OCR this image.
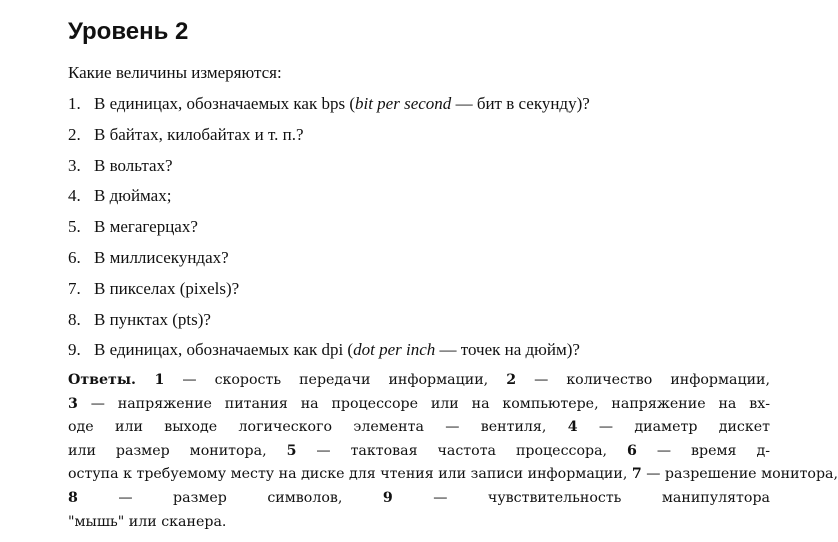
Уровень 2

Какие величины измеряются:

1. В единицах, обозначаемых как bps (bit per second — бит в секунду)?
2. В байтах, килобайтах и т. п.?
3. В вольтах?
4. В дюймах;
5. В мегагерцах?
6. В миллисекундах?
7. В пикселах (pixels)?
8. В пунктах (pts)?
9. В единицах, обозначаемых как dpi (dot per inch — точек на дюйм)?
Ответы. 1 — скорость передачи информации, 2 — количество информации,
3 — напряжение питания на процессоре или на компьютере, напряжение на вх-
оде или выходе логического элемента — вентиля, 4 — диаметр дискет
или размер монитора, 5 — тактовая частота процессора, 6 — время д-
оступа к требуемому месту на диске для чтения или записи информации, 7 — разрешение монитора,
8 — размер символов, 9 — чувствительность манипулятора
"мышь" или сканера.
